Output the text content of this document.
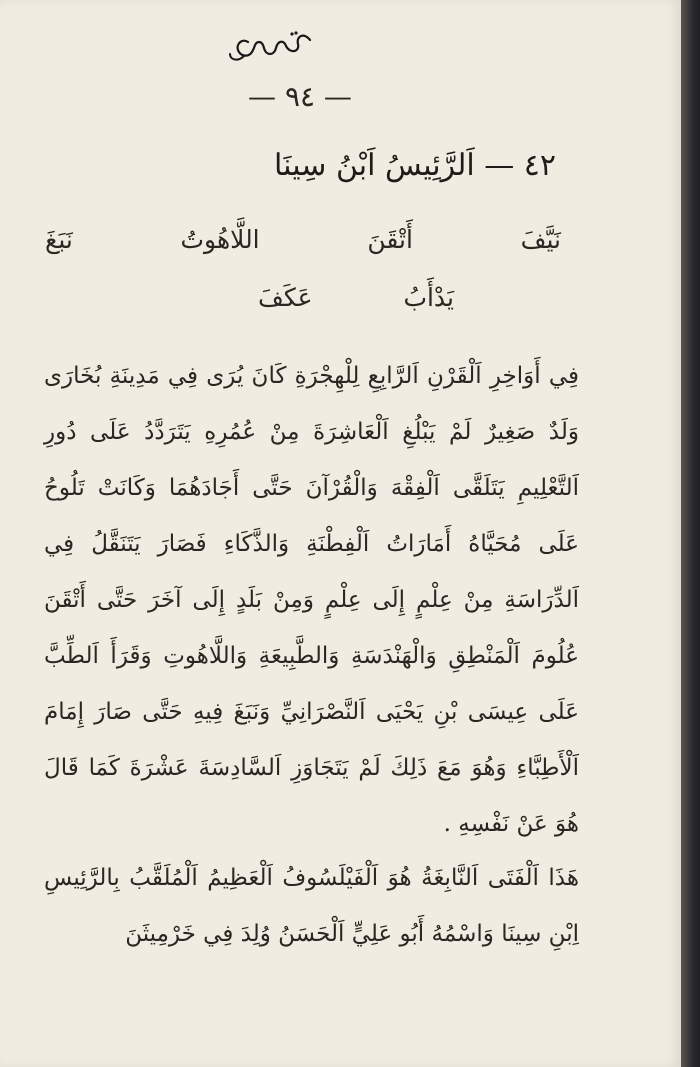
— ٩٤ —
٤٢ — اَلرَّئِيسُ اَبْنُ سِينَا
نَيَّفَ
أَتْقَنَ
اللَّاهُوتُ
نَبَغَ
يَدْأَبُ
عَكَفَ
فِي أَوَاخِرِ اَلْقَرْنِ اَلرَّابِعِ لِلْهِجْرَةِ كَانَ يُرَى فِي مَدِينَةِ بُخَارَى وَلَدٌ صَغِيرٌ لَمْ يَبْلُغِ اَلْعَاشِرَةَ مِنْ عُمُرِهِ يَتَرَدَّدُ عَلَى دُورِ اَلتَّعْلِيمِ يَتَلَقَّى اَلْفِقْهَ وَالْقُرْآنَ حَتَّى أَجَادَهُمَا وَكَانَتْ تَلُوحُ عَلَى مُحَيَّاهُ أَمَارَاتُ اَلْفِطْنَةِ وَالذَّكَاءِ فَصَارَ يَتَنَقَّلُ فِي اَلدِّرَاسَةِ مِنْ عِلْمٍ إِلَى عِلْمٍ وَمِنْ بَلَدٍ إِلَى آخَرَ حَتَّى أَتْقَنَ عُلُومَ اَلْمَنْطِقِ وَالْهَنْدَسَةِ وَالطَّبِيعَةِ وَاللَّاهُوتِ وَقَرَأَ اَلطِّبَّ عَلَى عِيسَى بْنِ يَحْيَى اَلنَّصْرَانِيِّ وَنَبَغَ فِيهِ حَتَّى صَارَ إِمَامَ اَلْأَطِبَّاءِ وَهُوَ مَعَ ذَلِكَ لَمْ يَتَجَاوَزِ اَلسَّادِسَةَ عَشْرَةَ كَمَا قَالَ هُوَ عَنْ نَفْسِهِ .
هَذَا اَلْفَتَى اَلنَّابِغَةُ هُوَ اَلْفَيْلَسُوفُ اَلْعَظِيمُ اَلْمُلَقَّبُ بِالرَّئِيسِ اِبْنِ سِينَا وَاسْمُهُ أَبُو عَلِيٍّ اَلْحَسَنُ وُلِدَ فِي خَرْمِيثَنَ
